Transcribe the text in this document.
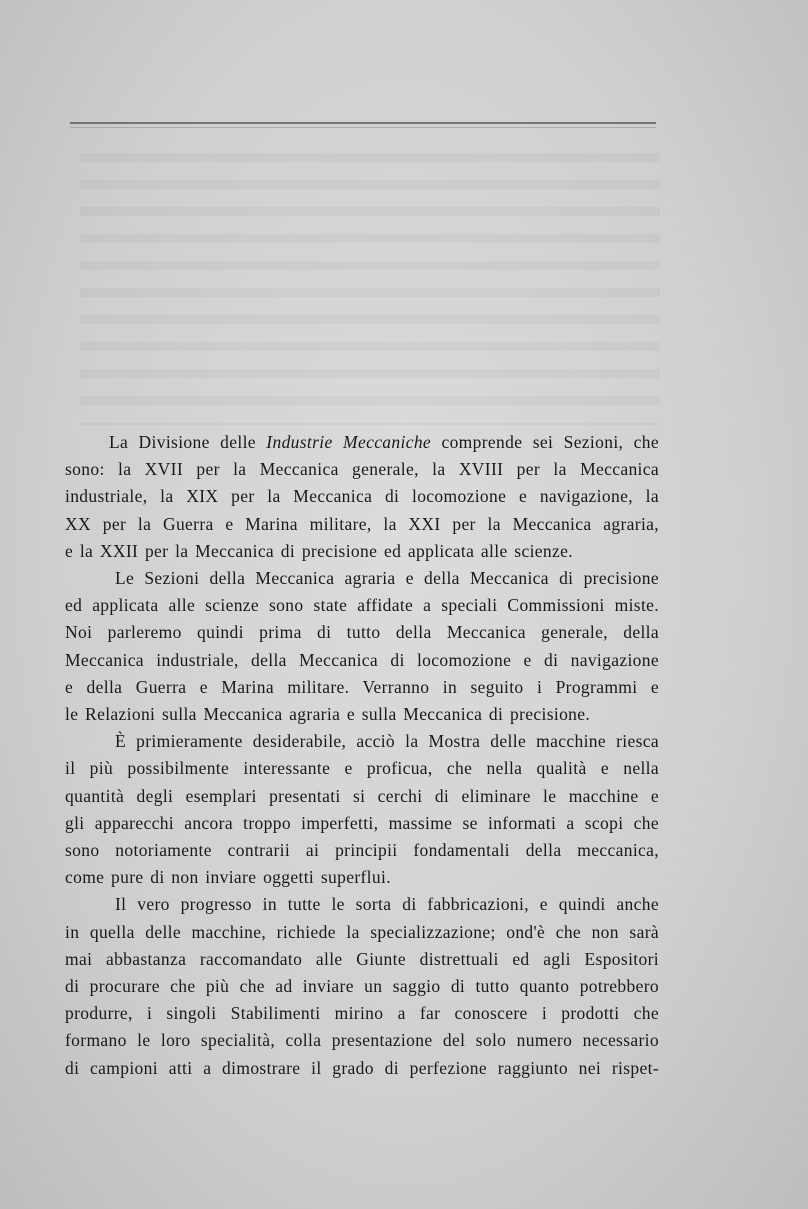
La Divisione delle Industrie Meccaniche comprende sei Sezioni, che
sono: la XVII per la Meccanica generale, la XVIII per la Meccanica
industriale, la XIX per la Meccanica di locomozione e navigazione, la
XX per la Guerra e Marina militare, la XXI per la Meccanica agraria,
e la XXII per la Meccanica di precisione ed applicata alle scienze.
Le Sezioni della Meccanica agraria e della Meccanica di precisione
ed applicata alle scienze sono state affidate a speciali Commissioni miste.
Noi parleremo quindi prima di tutto della Meccanica generale, della
Meccanica industriale, della Meccanica di locomozione e di navigazione
e della Guerra e Marina militare. Verranno in seguito i Programmi e
le Relazioni sulla Meccanica agraria e sulla Meccanica di precisione.
È primieramente desiderabile, acciò la Mostra delle macchine riesca
il più possibilmente interessante e proficua, che nella qualità e nella
quantità degli esemplari presentati si cerchi di eliminare le macchine e
gli apparecchi ancora troppo imperfetti, massime se informati a scopi che
sono notoriamente contrarii ai principii fondamentali della meccanica,
come pure di non inviare oggetti superflui.
Il vero progresso in tutte le sorta di fabbricazioni, e quindi anche
in quella delle macchine, richiede la specializzazione; ond'è che non sarà
mai abbastanza raccomandato alle Giunte distrettuali ed agli Espositori
di procurare che più che ad inviare un saggio di tutto quanto potrebbero
produrre, i singoli Stabilimenti mirino a far conoscere i prodotti che
formano le loro specialità, colla presentazione del solo numero necessario
di campioni atti a dimostrare il grado di perfezione raggiunto nei rispet-
